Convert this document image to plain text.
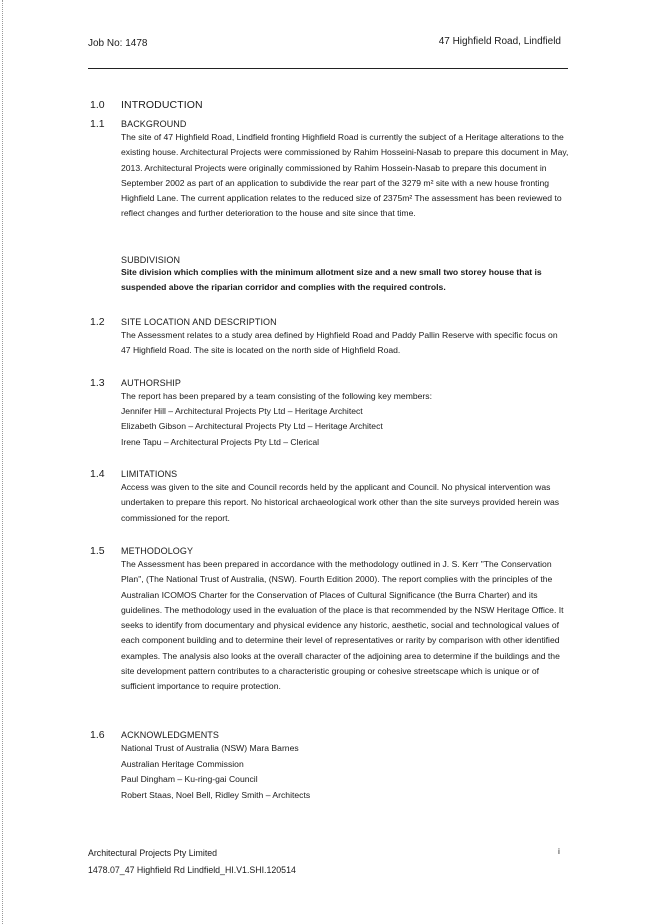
Job No: 1478	47 Highfield Road, Lindfield
1.0 INTRODUCTION
1.1 BACKGROUND
The site of 47 Highfield Road, Lindfield fronting Highfield Road is currently the subject of a Heritage alterations to the existing house. Architectural Projects were commissioned by Rahim Hosseini-Nasab to prepare this document in May, 2013. Architectural Projects were originally commissioned by Rahim Hossein-Nasab to prepare this document in September 2002 as part of an application to subdivide the rear part of the 3279 m² site with a new house fronting Highfield Lane. The current application relates to the reduced size of 2375m² The assessment has been reviewed to reflect changes and further deterioration to the house and site since that time.
SUBDIVISION
Site division which complies with the minimum allotment size and a new small two storey house that is suspended above the riparian corridor and complies with the required controls.
1.2 SITE LOCATION AND DESCRIPTION
The Assessment relates to a study area defined by Highfield Road and Paddy Pallin Reserve with specific focus on 47 Highfield Road. The site is located on the north side of Highfield Road.
1.3 AUTHORSHIP
The report has been prepared by a team consisting of the following key members:
Jennifer Hill – Architectural Projects Pty Ltd – Heritage Architect
Elizabeth Gibson – Architectural Projects Pty Ltd – Heritage Architect
Irene Tapu – Architectural Projects Pty Ltd – Clerical
1.4 LIMITATIONS
Access was given to the site and Council records held by the applicant and Council. No physical intervention was undertaken to prepare this report. No historical archaeological work other than the site surveys provided herein was commissioned for the report.
1.5 METHODOLOGY
The Assessment has been prepared in accordance with the methodology outlined in J. S. Kerr "The Conservation Plan", (The National Trust of Australia, (NSW). Fourth Edition 2000). The report complies with the principles of the Australian ICOMOS Charter for the Conservation of Places of Cultural Significance (the Burra Charter) and its guidelines. The methodology used in the evaluation of the place is that recommended by the NSW Heritage Office. It seeks to identify from documentary and physical evidence any historic, aesthetic, social and technological values of each component building and to determine their level of representatives or rarity by comparison with other identified examples. The analysis also looks at the overall character of the adjoining area to determine if the buildings and the site development pattern contributes to a characteristic grouping or cohesive streetscape which is unique or of sufficient importance to require protection.
1.6 ACKNOWLEDGMENTS
National Trust of Australia (NSW) Mara Barnes
Australian Heritage Commission
Paul Dingham – Ku-ring-gai Council
Robert Staas, Noel Bell, Ridley Smith – Architects
Architectural Projects Pty Limited
1478.07_47 Highfield Rd Lindfield_HI.V1.SHI.120514
i
